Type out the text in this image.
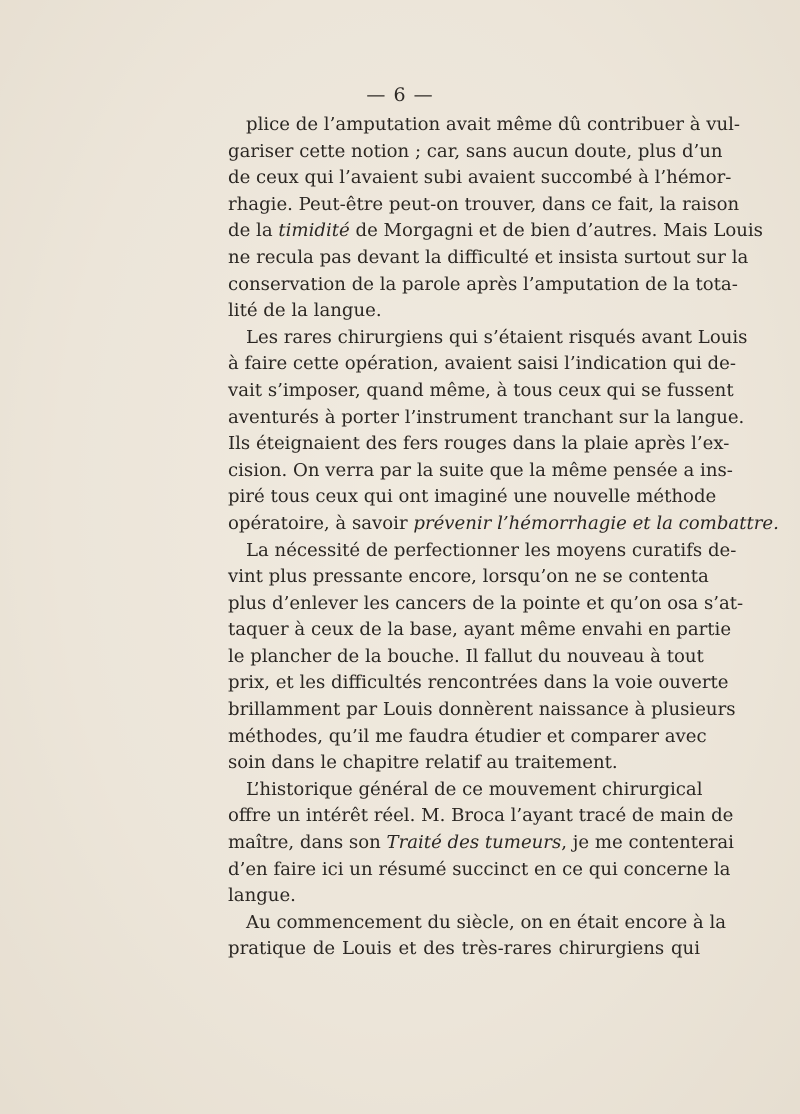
— 6 —
plice de l’amputation avait même dû contribuer à vul-
gariser cette notion ; car, sans aucun doute, plus d’un
de ceux qui l’avaient subi avaient succombé à l’hémor-
rhagie. Peut-être peut-on trouver, dans ce fait, la raison
de la timidité de Morgagni et de bien d’autres. Mais Louis
ne recula pas devant la difficulté et insista surtout sur la
conservation de la parole après l’amputation de la tota-
lité de la langue.
Les rares chirurgiens qui s’étaient risqués avant Louis
à faire cette opération, avaient saisi l’indication qui de-
vait s’imposer, quand même, à tous ceux qui se fussent
aventurés à porter l’instrument tranchant sur la langue.
Ils éteignaient des fers rouges dans la plaie après l’ex-
cision. On verra par la suite que la même pensée a ins-
piré tous ceux qui ont imaginé une nouvelle méthode
opératoire, à savoir prévenir l’hémorrhagie et la combattre.
La nécessité de perfectionner les moyens curatifs de-
vint plus pressante encore, lorsqu’on ne se contenta
plus d’enlever les cancers de la pointe et qu’on osa s’at-
taquer à ceux de la base, ayant même envahi en partie
le plancher de la bouche. Il fallut du nouveau à tout
prix, et les difficultés rencontrées dans la voie ouverte
brillamment par Louis donnèrent naissance à plusieurs
méthodes, qu’il me faudra étudier et comparer avec
soin dans le chapitre relatif au traitement.
L’historique général de ce mouvement chirurgical
offre un intérêt réel. M. Broca l’ayant tracé de main de
maître, dans son Traité des tumeurs, je me contenterai
d’en faire ici un résumé succinct en ce qui concerne la
langue.
Au commencement du siècle, on en était encore à la
pratique de Louis et des très-rares chirurgiens qui
